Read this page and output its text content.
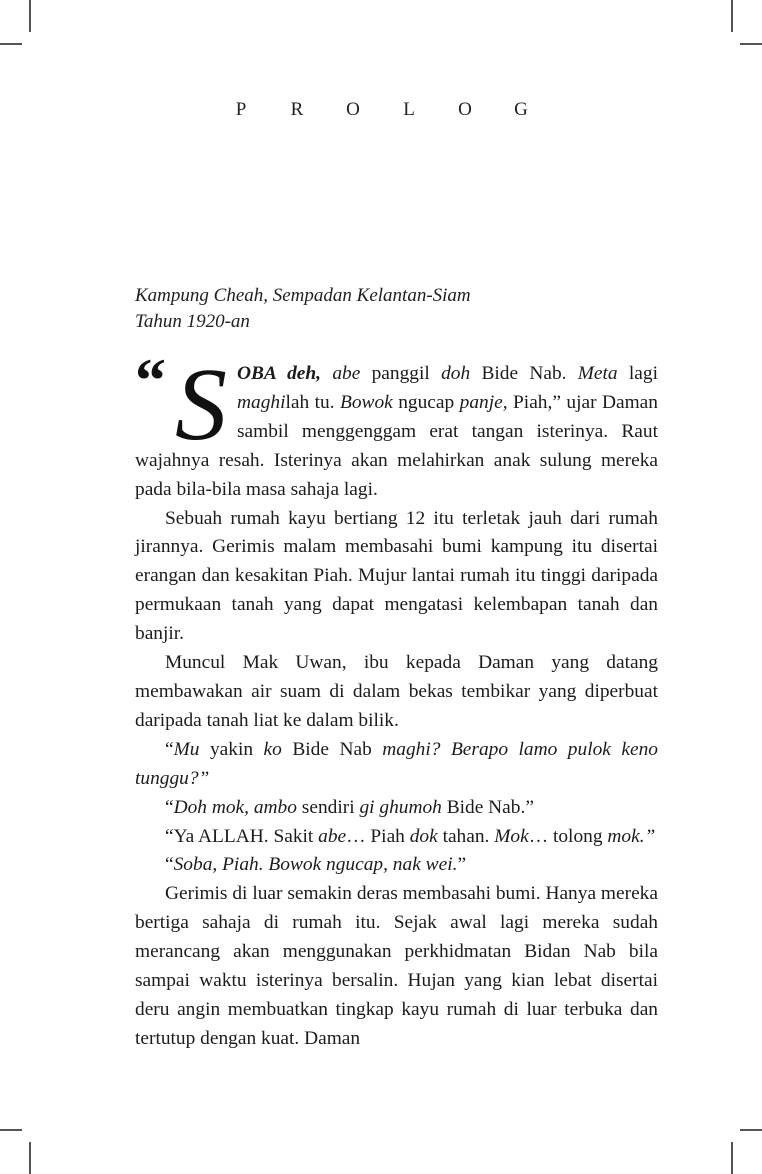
P R O L O G
Kampung Cheah, Sempadan Kelantan-Siam
Tahun 1920-an

“ S OBA deh, abe panggil doh Bide Nab. Meta lagi maghilah tu. Bowok ngucap panje, Piah,” ujar Daman sambil menggenggam erat tangan isterinya. Raut wajahnya resah. Isterinya akan melahirkan anak sulung mereka pada bila-bila masa sahaja lagi.

Sebuah rumah kayu bertiang 12 itu terletak jauh dari rumah jirannya. Gerimis malam membasahi bumi kampung itu disertai erangan dan kesakitan Piah. Mujur lantai rumah itu tinggi daripada permukaan tanah yang dapat mengatasi kelembapan tanah dan banjir.

Muncul Mak Uwan, ibu kepada Daman yang datang membawakan air suam di dalam bekas tembikar yang diperbuat daripada tanah liat ke dalam bilik.

“Mu yakin ko Bide Nab maghi? Berapo lamo pulok keno tunggu?”

“Doh mok, ambo sendiri gi ghumoh Bide Nab.”

“Ya ALLAH. Sakit abe… Piah dok tahan. Mok… tolong mok.”

“Soba, Piah. Bowok ngucap, nak wei.”

Gerimis di luar semakin deras membasahi bumi. Hanya mereka bertiga sahaja di rumah itu. Sejak awal lagi mereka sudah merancang akan menggunakan perkhidmatan Bidan Nab bila sampai waktu isterinya bersalin. Hujan yang kian lebat disertai deru angin membuatkan tingkap kayu rumah di luar terbuka dan tertutup dengan kuat. Daman
